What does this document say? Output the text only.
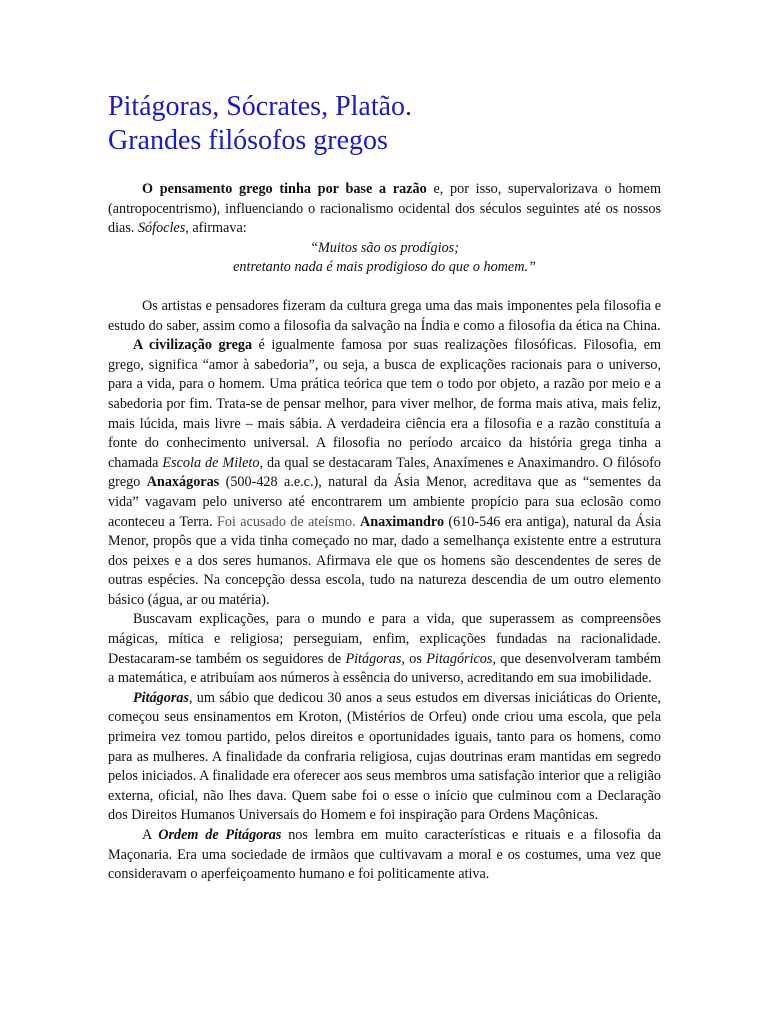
Pitágoras, Sócrates, Platão.
Grandes filósofos gregos

O pensamento grego tinha por base a razão e, por isso, supervalorizava o homem (antropocentrismo), influenciando o racionalismo ocidental dos séculos seguintes até os nossos dias. Sófocles, afirmava:

“Muitos são os prodígios;

entretanto nada é mais prodigioso do que o homem.”

Os artistas e pensadores fizeram da cultura grega uma das mais imponentes pela filosofia e estudo do saber, assim como a filosofia da salvação na Índia e como a filosofia da ética na China.

A civilização grega é igualmente famosa por suas realizações filosóficas. Filosofia, em grego, significa “amor à sabedoria”, ou seja, a busca de explicações racionais para o universo, para a vida, para o homem. Uma prática teórica que tem o todo por objeto, a razão por meio e a sabedoria por fim. Trata-se de pensar melhor, para viver melhor, de forma mais ativa, mais feliz, mais lúcida, mais livre – mais sábia. A verdadeira ciência era a filosofia e a razão constituía a fonte do conhecimento universal. A filosofia no período arcaico da história grega tinha a chamada Escola de Mileto, da qual se destacaram Tales, Anaxímenes e Anaximandro. O filósofo grego Anaxágoras (500-428 a.e.c.), natural da Ásia Menor, acreditava que as “sementes da vida” vagavam pelo universo até encontrarem um ambiente propício para sua eclosão como aconteceu a Terra. Foi acusado de ateísmo. Anaximandro (610-546 era antiga), natural da Ásia Menor, propôs que a vida tinha começado no mar, dado a semelhança existente entre a estrutura dos peixes e a dos seres humanos. Afirmava ele que os homens são descendentes de seres de outras espécies. Na concepção dessa escola, tudo na natureza descendia de um outro elemento básico (água, ar ou matéria).

Buscavam explicações, para o mundo e para a vida, que superassem as compreensões mágicas, mítica e religiosa; perseguiam, enfim, explicações fundadas na racionalidade. Destacaram-se também os seguidores de Pitágoras, os Pitagóricos, que desenvolveram também a matemática, e atribuíam aos números à essência do universo, acreditando em sua imobilidade.

Pitágoras, um sábio que dedicou 30 anos a seus estudos em diversas iniciáticas do Oriente, começou seus ensinamentos em Kroton, (Mistérios de Orfeu) onde criou uma escola, que pela primeira vez tomou partido, pelos direitos e oportunidades iguais, tanto para os homens, como para as mulheres. A finalidade da confraria religiosa, cujas doutrinas eram mantidas em segredo pelos iniciados. A finalidade era oferecer aos seus membros uma satisfação interior que a religião externa, oficial, não lhes dava. Quem sabe foi o esse o início que culminou com a Declaração dos Direitos Humanos Universais do Homem e foi inspiração para Ordens Maçônicas.

A Ordem de Pitágoras nos lembra em muito características e rituais e a filosofia da Maçonaria. Era uma sociedade de irmãos que cultivavam a moral e os costumes, uma vez que consideravam o aperfeiçoamento humano e foi politicamente ativa.
